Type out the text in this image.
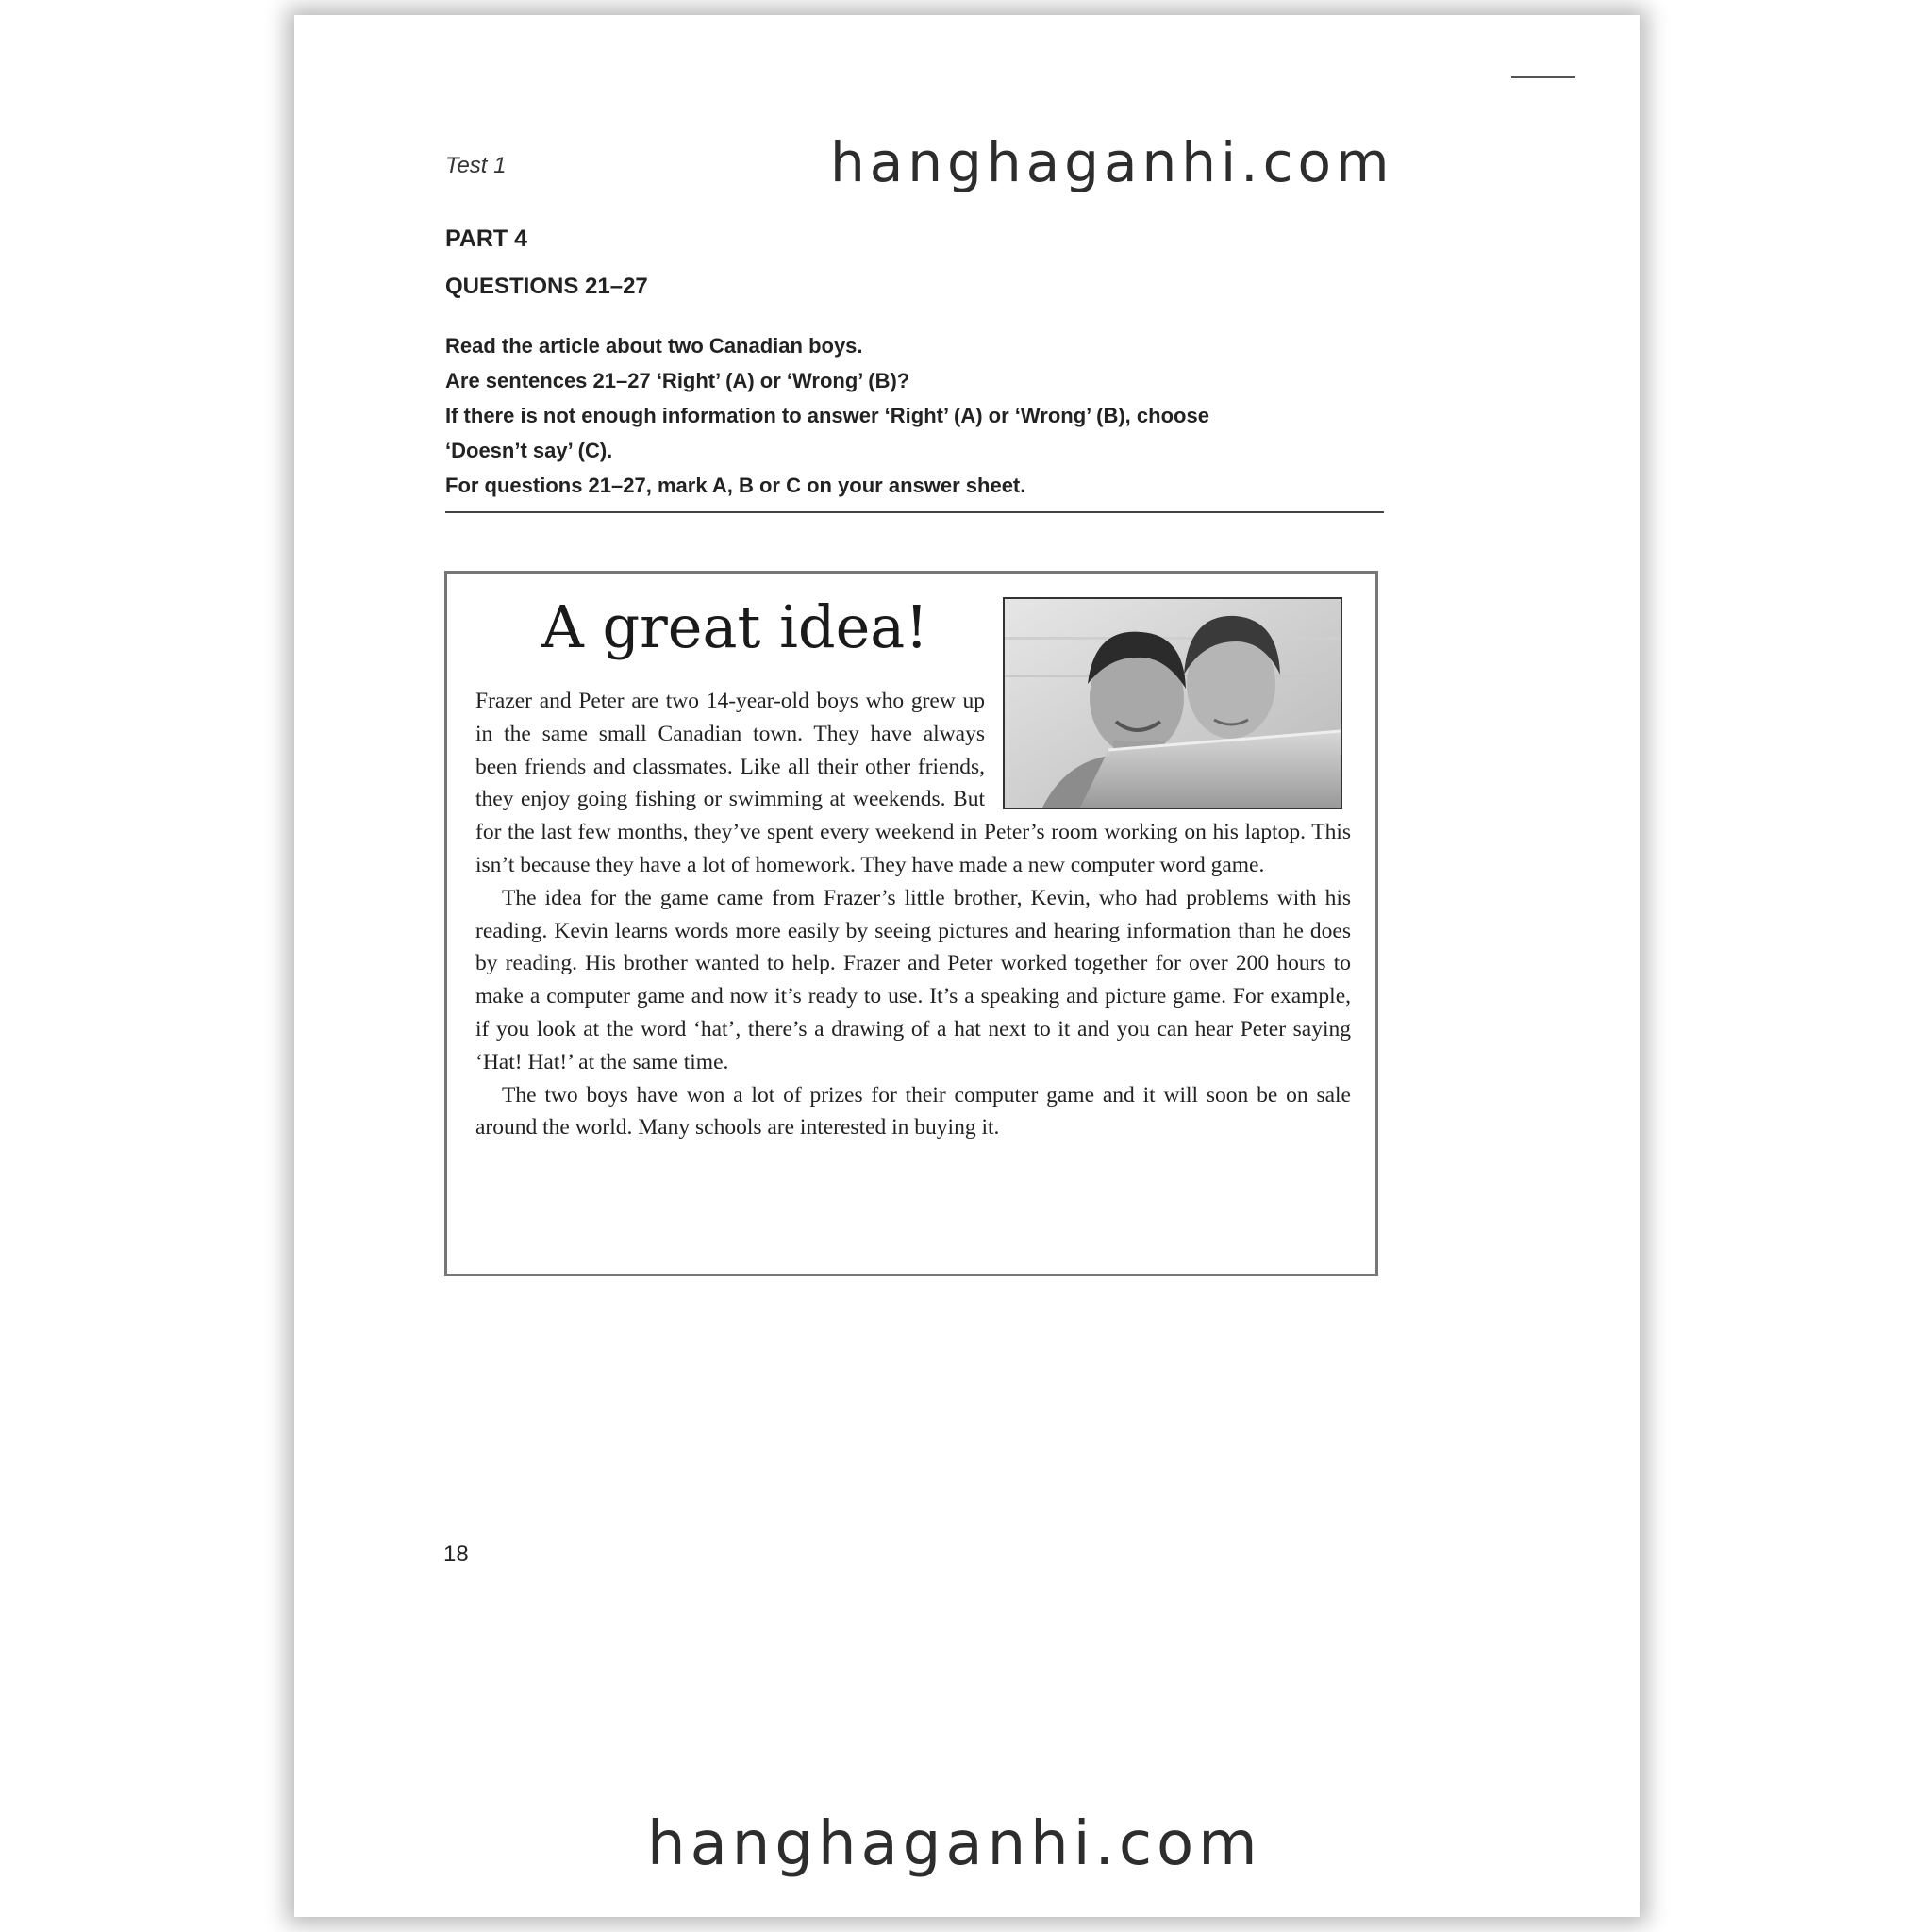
Test 1
PART 4
QUESTIONS 21–27
Read the article about two Canadian boys.
Are sentences 21–27 ‘Right’ (A) or ‘Wrong’ (B)?
If there is not enough information to answer ‘Right’ (A) or ‘Wrong’ (B), choose
‘Doesn’t say’ (C).
For questions 21–27, mark A, B or C on your answer sheet.
A great idea!

Frazer and Peter are two 14-year-old boys who grew up in the same small Canadian town. They have always been friends and classmates. Like all their other friends, they enjoy going fishing or swimming at weekends. But for the last few months, they’ve spent every weekend in Peter’s room working on his laptop. This isn’t because they have a lot of homework. They have made a new computer word game.

The idea for the game came from Frazer’s little brother, Kevin, who had problems with his reading. Kevin learns words more easily by seeing pictures and hearing information than he does by reading. His brother wanted to help. Frazer and Peter worked together for over 200 hours to make a computer game and now it’s ready to use. It’s a speaking and picture game. For example, if you look at the word ‘hat’, there’s a drawing of a hat next to it and you can hear Peter saying ‘Hat! Hat!’ at the same time.

The two boys have won a lot of prizes for their computer game and it will soon be on sale around the world. Many schools are interested in buying it.

18
hanghaganhi.com
hanghaganhi.com
